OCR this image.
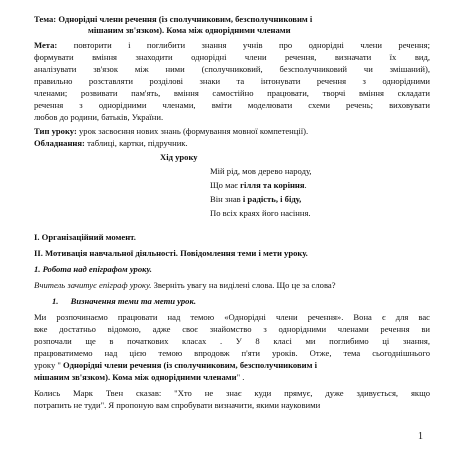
Тема: Однорідні члени речення (із сполучниковим, безсполучниковим і
мішаним зв'язком). Кома між однорідними членами
Мета: повторити і поглибити знання учнів про однорідні члени речення;
формувати вміння знаходити однорідні члени речення, визначати їх вид,
аналізувати зв'язок між ними (сполучниковий, безсполучниковий чи змішаний),
правильно розставляти розділові знаки та інтонувати речення з однорідними
членами; розвивати пам'ять, вміння самостійно працювати, творчі вміння складати
речення з однорідними членами, вміти моделювати схеми речень; виховувати
любов до родини, батьків, України.
Тип уроку: урок засвоєння нових знань (формування мовної компетенції).
Обладнання: таблиці, картки, підручник.
Хід уроку
Мій рід, мов дерево народу,
Що має гілля та коріння.
Він знав і радість, і біду,
По всіх краях його насіння.
I. Організаційний момент.
II. Мотивація навчальної діяльності. Повідомлення теми і мети уроку.
1. Робота над епіграфом уроку.
Вчитель зачитує епіграф уроку. Зверніть увагу на виділені слова. Що це за слова?
1. Визначення теми та мети урок.
Ми розпочинаємо працювати над темою «Однорідні члени речення». Вона є для вас
вже достатньо відомою, адже своє знайомство з однорідними членами речення ви
розпочали ще в початкових класах . У 8 класі ми поглибимо ці знання,
працюватимемо над цією темою впродовж п'яти уроків. Отже, тема сьогоднішнього
уроку " Однорідні члени речення (із сполучниковим, безсполучниковим і
мішаним зв'язком). Кома між однорідними членами" .
Колись Марк Твен сказав: "Хто не знає куди прямує, дуже здивується, якщо
потрапить не туди". Я пропоную вам спробувати визначити, якими науковими
1
